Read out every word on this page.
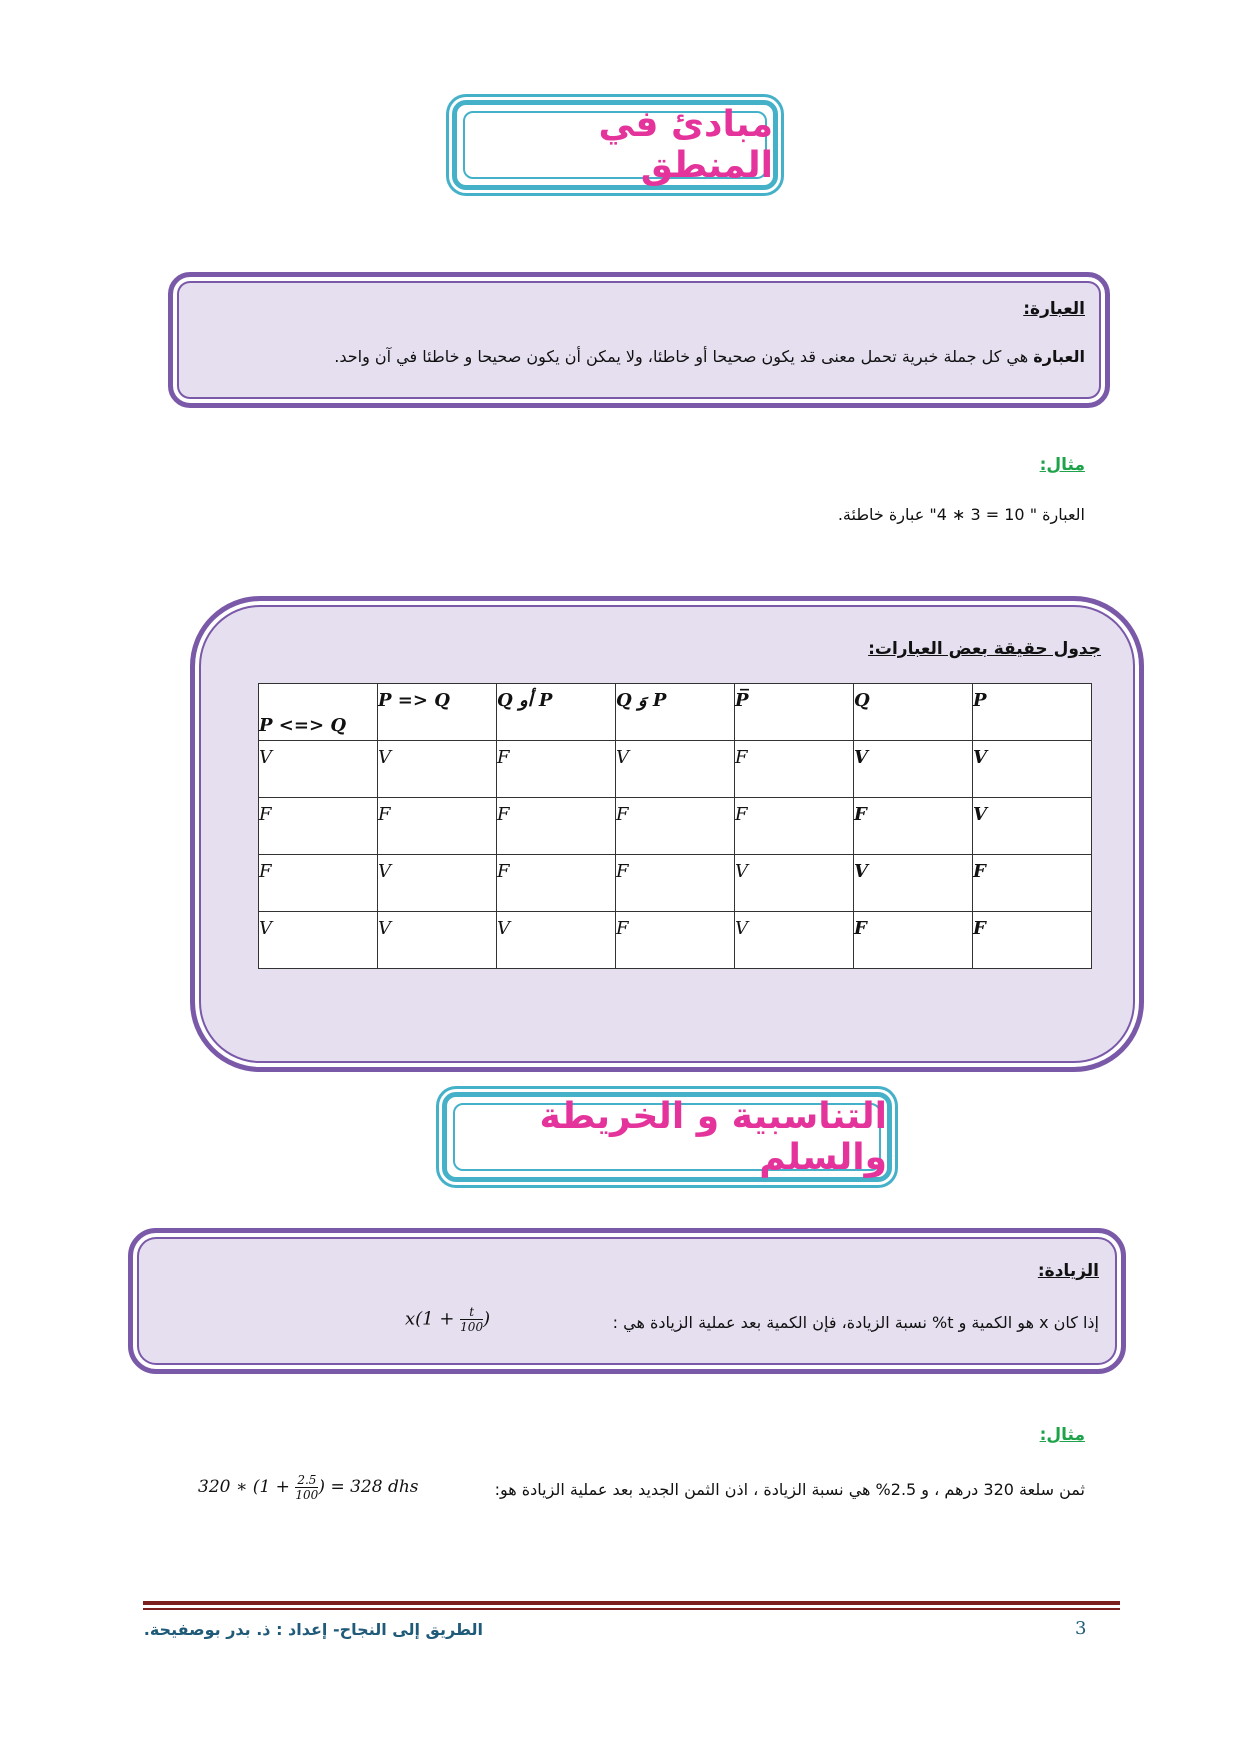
مبادئ في المنطق
العبارة:
العبارة هي كل جملة خبرية تحمل معنى قد يكون صحيحا أو خاطئا، ولا يمكن أن يكون صحيحا و خاطئا في آن واحد.
مثال:
العبارة " 10 = 3 ∗ 4" عبارة خاطئة.
جدول حقيقة بعض العبارات:
P	Q	P̅	P وَ Q	P أو Q	P => Q	P <=> Q
V	V	F	V	F	V	V
V	F	F	F	F	F	F
F	V	V	F	F	V	F
F	F	V	F	V	V	V
التناسبية و الخريطة والسلم
الزيادة:
إذا كان x هو الكمية و t% نسبة الزيادة، فإن الكمية بعد عملية الزيادة هي :
$x(1 + \frac{t}{100}$ )
مثال:
ثمن سلعة 320 درهم ، و 2.5% هي نسبة الزيادة ، اذن الثمن الجديد بعد عملية الزيادة هو:
320 ∗ ($1 + \frac{2.5}{100}$ ) = 328 dhs
الطريق إلى النجاح- إعداد : ذ. بدر بوصفيحة.	3
